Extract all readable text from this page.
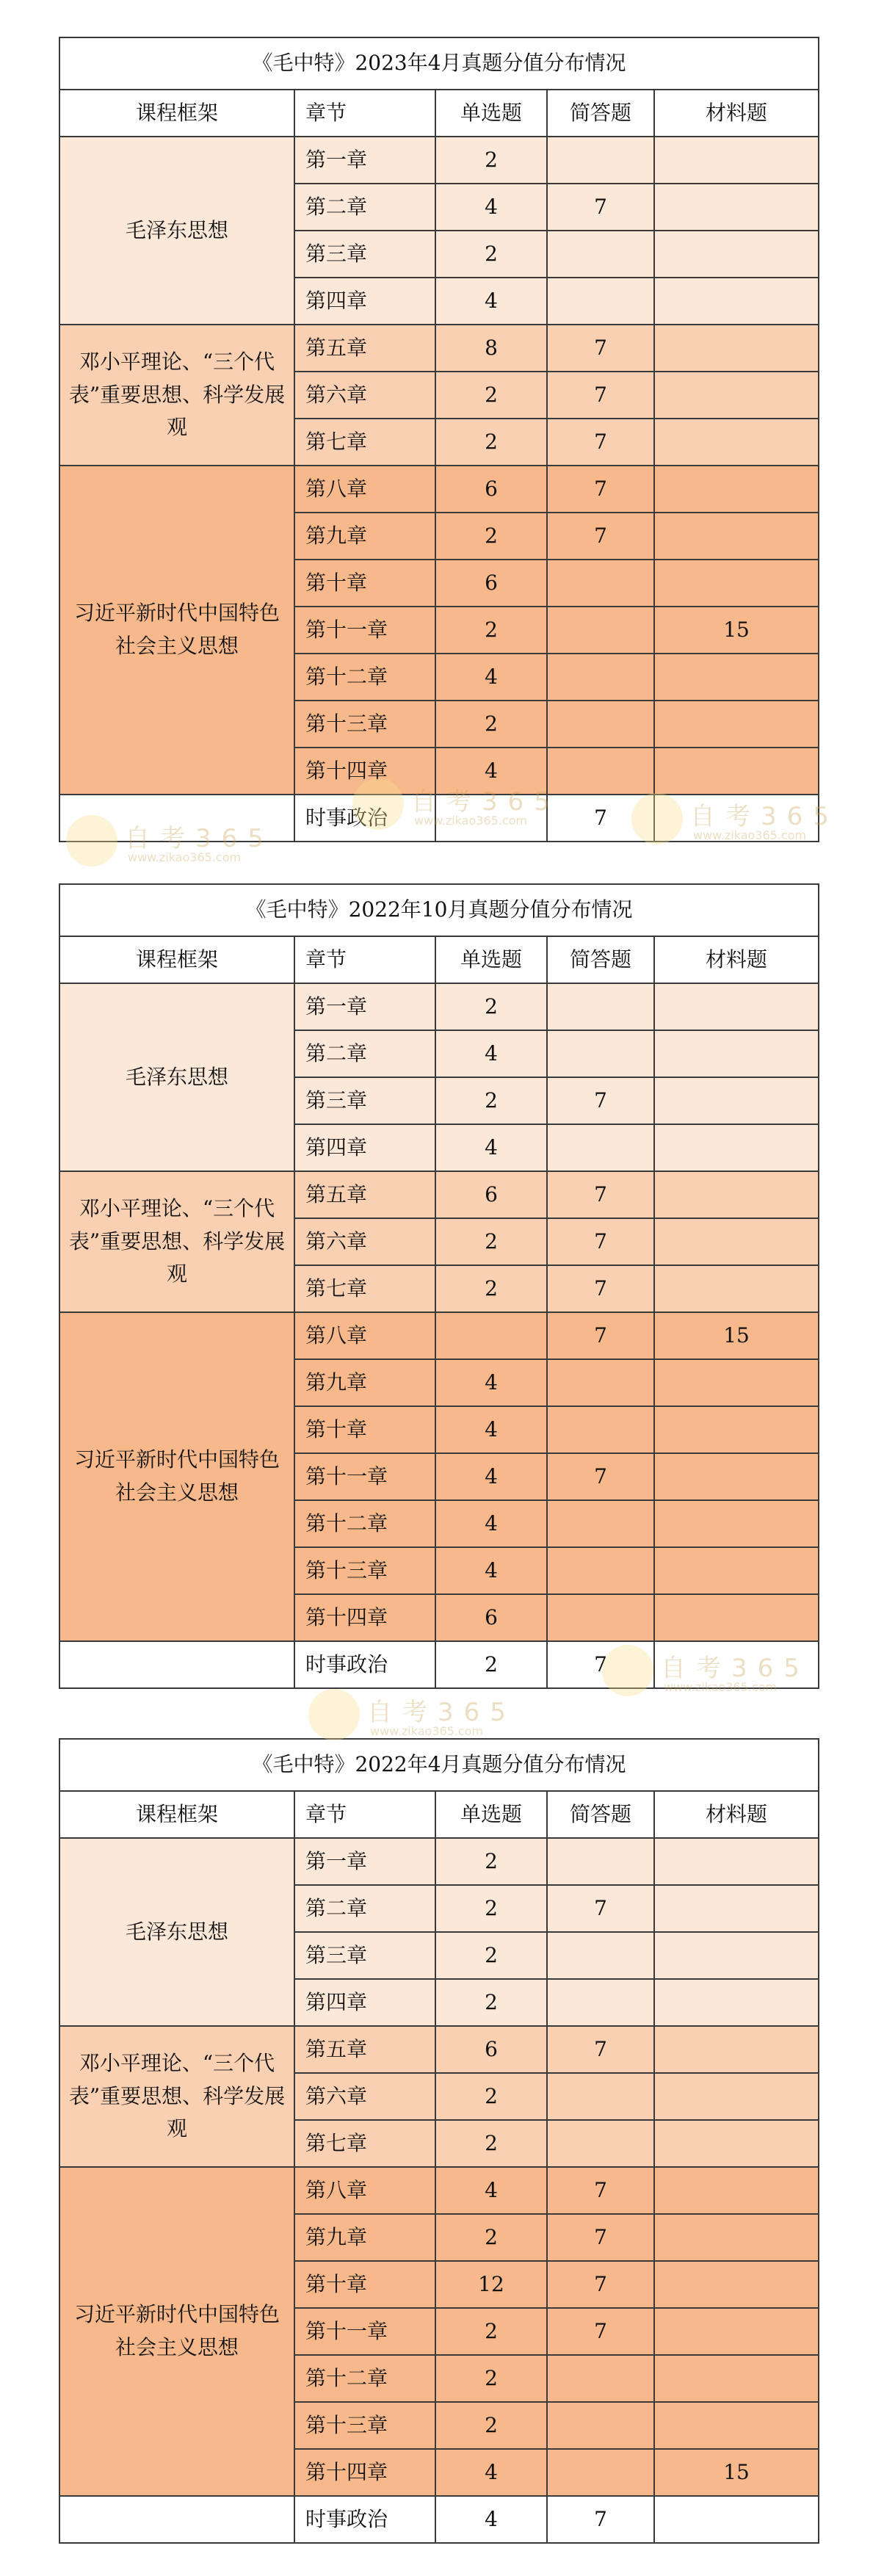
《毛中特》2023年4月真题分值分布情况				
课程框架	章节	单选题	简答题	材料题
毛泽东思想	第一章	2		
	第二章	4	7	
	第三章	2		
	第四章	4		
邓小平理论、“三个代表”重要思想、科学发展观	第五章	8	7	
	第六章	2	7	
	第七章	2	7	
习近平新时代中国特色社会主义思想	第八章	6	7	
	第九章	2	7	
	第十章	6		
	第十一章	2		15
	第十二章	4		
	第十三章	2		
	第十四章	4		
	时事政治		7	
《毛中特》2022年10月真题分值分布情况				
课程框架	章节	单选题	简答题	材料题
毛泽东思想	第一章	2		
	第二章	4		
	第三章	2	7	
	第四章	4		
邓小平理论、“三个代表”重要思想、科学发展观	第五章	6	7	
	第六章	2	7	
	第七章	2	7	
习近平新时代中国特色社会主义思想	第八章		7	15
	第九章	4		
	第十章	4		
	第十一章	4	7	
	第十二章	4		
	第十三章	4		
	第十四章	6		
	时事政治	2	7	
《毛中特》2022年4月真题分值分布情况				
课程框架	章节	单选题	简答题	材料题
毛泽东思想	第一章	2		
	第二章	2	7	
	第三章	2		
	第四章	2		
邓小平理论、“三个代表”重要思想、科学发展观	第五章	6	7	
	第六章	2		
	第七章	2		
习近平新时代中国特色社会主义思想	第八章	4	7	
	第九章	2	7	
	第十章	12	7	
	第十一章	2	7	
	第十二章	2		
	第十三章	2		
	第十四章	4		15
	时事政治	4	7	
自考365
www.zikao365.com
自考365
www.zikao365.com	自考365
www.zikao365.com
自考365
www.zikao365.com
自考365
www.zikao365.com
